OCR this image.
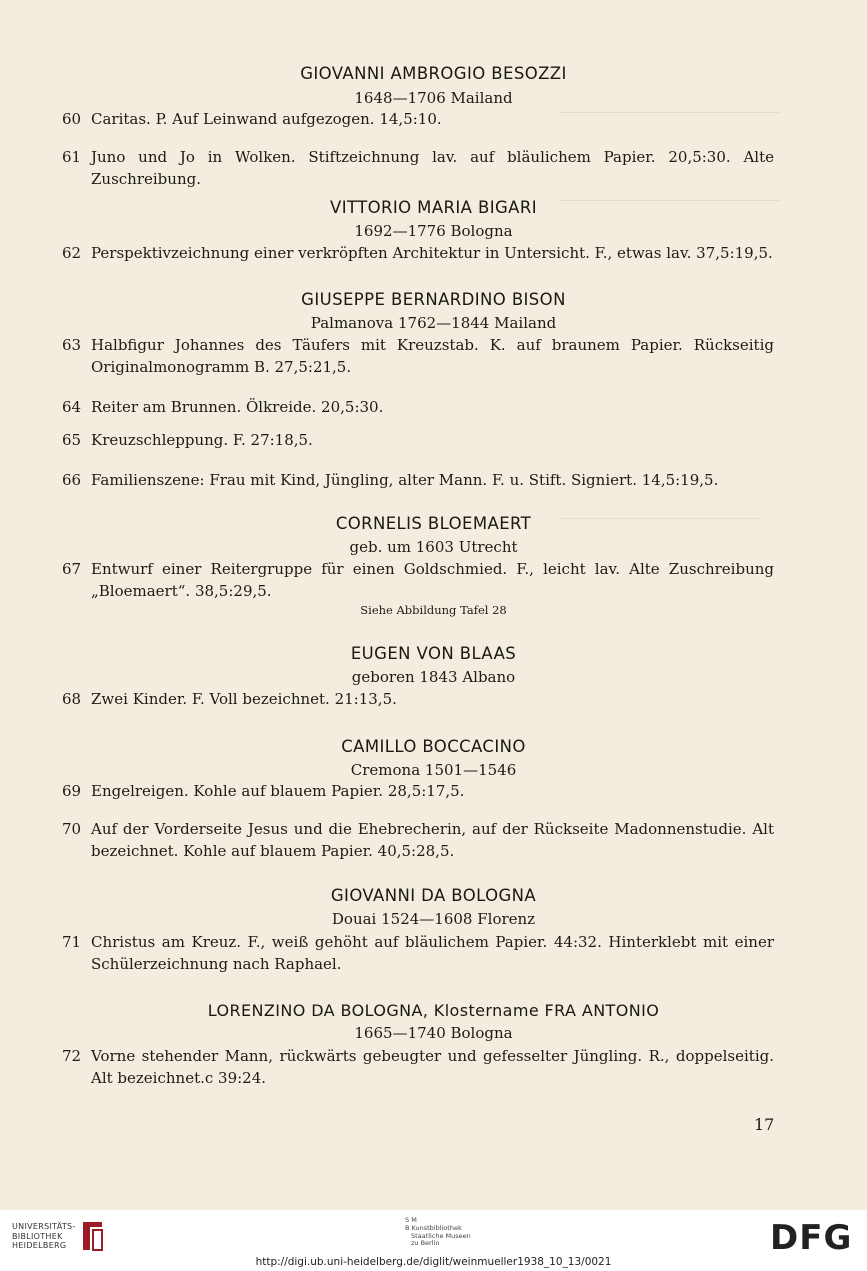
GIOVANNI AMBROGIO BESOZZI
1648—1706 Mailand
60 Caritas. P. Auf Leinwand aufgezogen. 14,5:10.
61 Juno und Jo in Wolken. Stiftzeichnung lav. auf bläulichem Papier. 20,5:30. Alte Zuschreibung.
VITTORIO MARIA BIGARI
1692—1776 Bologna
62 Perspektivzeichnung einer verkröpften Architektur in Untersicht. F., etwas lav. 37,5:19,5.
GIUSEPPE BERNARDINO BISON
Palmanova 1762—1844 Mailand
63 Halbfigur Johannes des Täufers mit Kreuzstab. K. auf braunem Papier. Rückseitig Originalmonogramm B. 27,5:21,5.
64 Reiter am Brunnen. Ölkreide. 20,5:30.
65 Kreuzschleppung. F. 27:18,5.
66 Familienszene: Frau mit Kind, Jüngling, alter Mann. F. u. Stift. Signiert. 14,5:19,5.
CORNELIS BLOEMAERT
geb. um 1603 Utrecht
67 Entwurf einer Reitergruppe für einen Goldschmied. F., leicht lav. Alte Zuschreibung „Bloemaert“. 38,5:29,5.
Siehe Abbildung Tafel 28
EUGEN VON BLAAS
geboren 1843 Albano
68 Zwei Kinder. F. Voll bezeichnet. 21:13,5.
CAMILLO BOCCACINO
Cremona 1501—1546
69 Engelreigen. Kohle auf blauem Papier. 28,5:17,5.
70 Auf der Vorderseite Jesus und die Ehebrecherin, auf der Rückseite Madonnenstudie. Alt bezeichnet. Kohle auf blauem Papier. 40,5:28,5.
GIOVANNI DA BOLOGNA
Douai 1524—1608 Florenz
71 Christus am Kreuz. F., weiß gehöht auf bläulichem Papier. 44:32. Hinterklebt mit einer Schülerzeichnung nach Raphael.
LORENZINO DA BOLOGNA, Klostername FRA ANTONIO
1665—1740 Bologna
72 Vorne stehender Mann, rückwärts gebeugter und gefesselter Jüngling. R., doppelseitig. Alt bezeichnet.c 39:24.
17
UNIVERSITÄTS-
BIBLIOTHEK
HEIDELBERG
S M
B Kunstbibliothek
Staatliche Museen
zu Berlin	DFG
http://digi.ub.uni-heidelberg.de/diglit/weinmueller1938_10_13/0021
